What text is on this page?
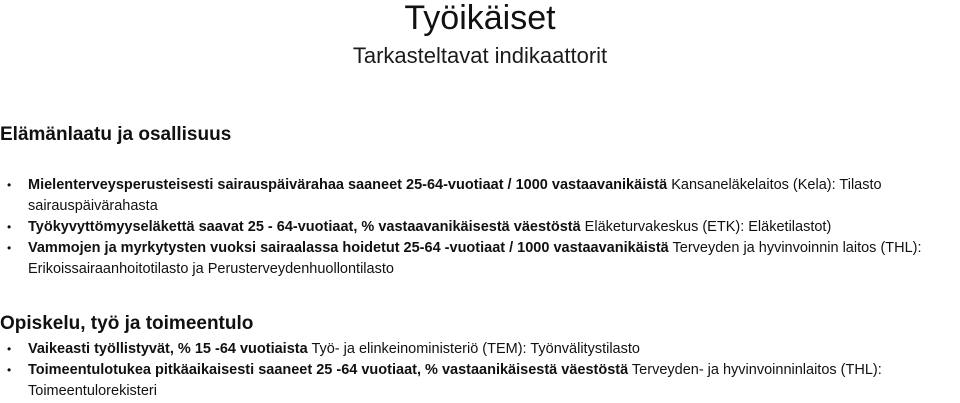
Työikäiset
Tarkasteltavat indikaattorit
Elämänlaatu ja osallisuus
• Mielenterveysperusteisesti sairauspäivärahaa saaneet 25-64-vuotiaat / 1000 vastaavanikäistä Kansaneläkelaitos (Kela): Tilasto sairauspäivärahasta
• Työkyvyttömyyseläkettä saavat 25 - 64-vuotiaat, % vastaavanikäisestä väestöstä Eläketurvakeskus (ETK): Eläketilastot)
• Vammojen ja myrkytysten vuoksi sairaalassa hoidetut 25-64 -vuotiaat / 1000 vastaavanikäistä Terveyden ja hyvinvoinnin laitos (THL): Erikoissairaanhoitotilasto ja Perusterveydenhuollontilasto
Opiskelu, työ ja toimeentulo
• Vaikeasti työllistyvät, % 15 -64 vuotiaista Työ- ja elinkeinoministeriö (TEM): Työnvälitystilasto
• Toimeentulotukea pitkäaikaisesti saaneet 25 -64 vuotiaat, % vastaanikäisestä väestöstä Terveyden- ja hyvinvoinninlaitos (THL): Toimeentulorekisteri
